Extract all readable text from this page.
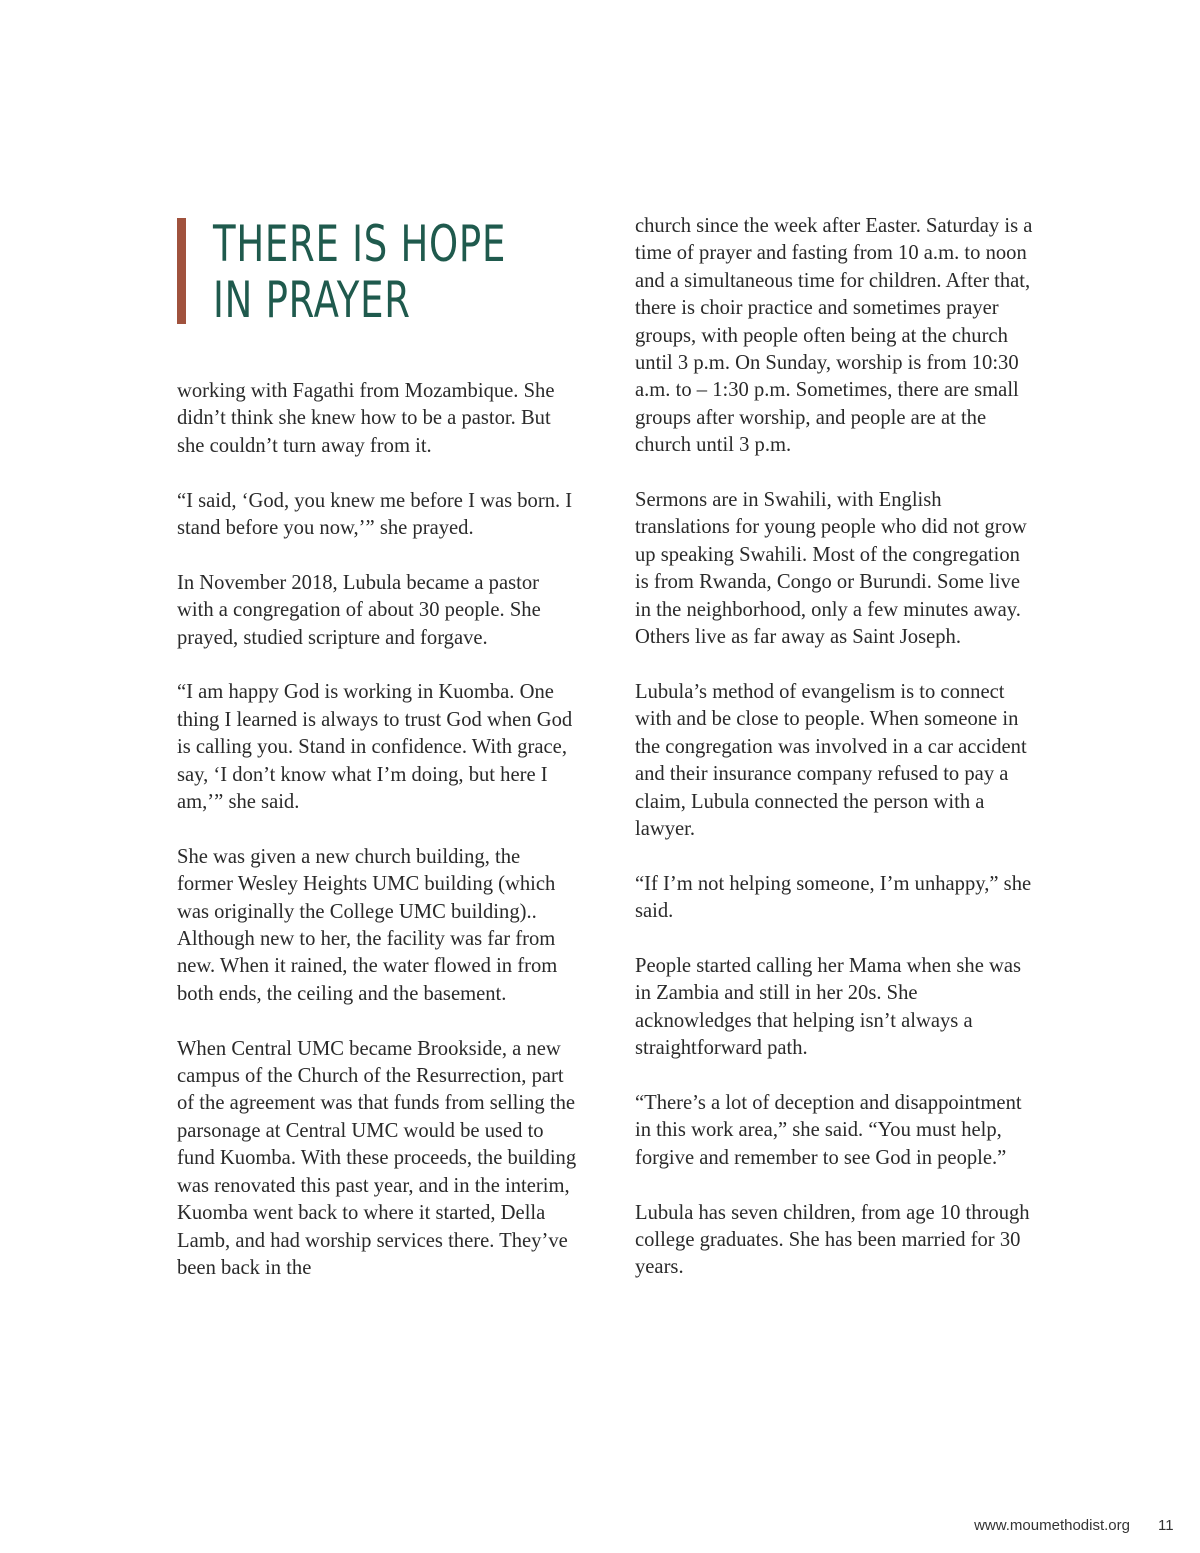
THERE IS HOPE
IN PRAYER

working with Fagathi from Mozambique. She didn’t think she knew how to be a pastor. But she couldn’t turn away from it.

“I said, ‘God, you knew me before I was born. I stand before you now,’” she prayed.

In November 2018, Lubula became a pastor with a congregation of about 30 people. She prayed, studied scripture and forgave.

“I am happy God is working in Kuomba. One thing I learned is always to trust God when God is calling you. Stand in confidence. With grace, say, ‘I don’t know what I’m doing, but here I am,’” she said.

She was given a new church building, the former Wesley Heights UMC building (which was originally the College UMC building).. Although new to her, the facility was far from new. When it rained, the water flowed in from both ends, the ceiling and the basement.

When Central UMC became Brookside, a new campus of the Church of the Resurrection, part of the agreement was that funds from selling the parsonage at Central UMC would be used to fund Kuomba. With these proceeds, the building was renovated this past year, and in the interim, Kuomba went back to where it started, Della Lamb, and had worship services there. They’ve been back in the

church since the week after Easter. Saturday is a time of prayer and fasting from 10 a.m. to noon and a simultaneous time for children. After that, there is choir practice and sometimes prayer groups, with people often being at the church until 3 p.m. On Sunday, worship is from 10:30 a.m. to – 1:30 p.m. Sometimes, there are small groups after worship, and people are at the church until 3 p.m.

Sermons are in Swahili, with English translations for young people who did not grow up speaking Swahili. Most of the congregation is from Rwanda, Congo or Burundi. Some live in the neighborhood, only a few minutes away. Others live as far away as Saint Joseph.

Lubula’s method of evangelism is to connect with and be close to people. When someone in the congregation was involved in a car accident and their insurance company refused to pay a claim, Lubula connected the person with a lawyer.

“If I’m not helping someone, I’m unhappy,” she said.

People started calling her Mama when she was in Zambia and still in her 20s. She acknowledges that helping isn’t always a straightforward path.

“There’s a lot of deception and disappointment in this work area,” she said. “You must help, forgive and remember to see God in people.”

Lubula has seven children, from age 10 through college graduates. She has been married for 30 years.

www.moumethodist.org 11
